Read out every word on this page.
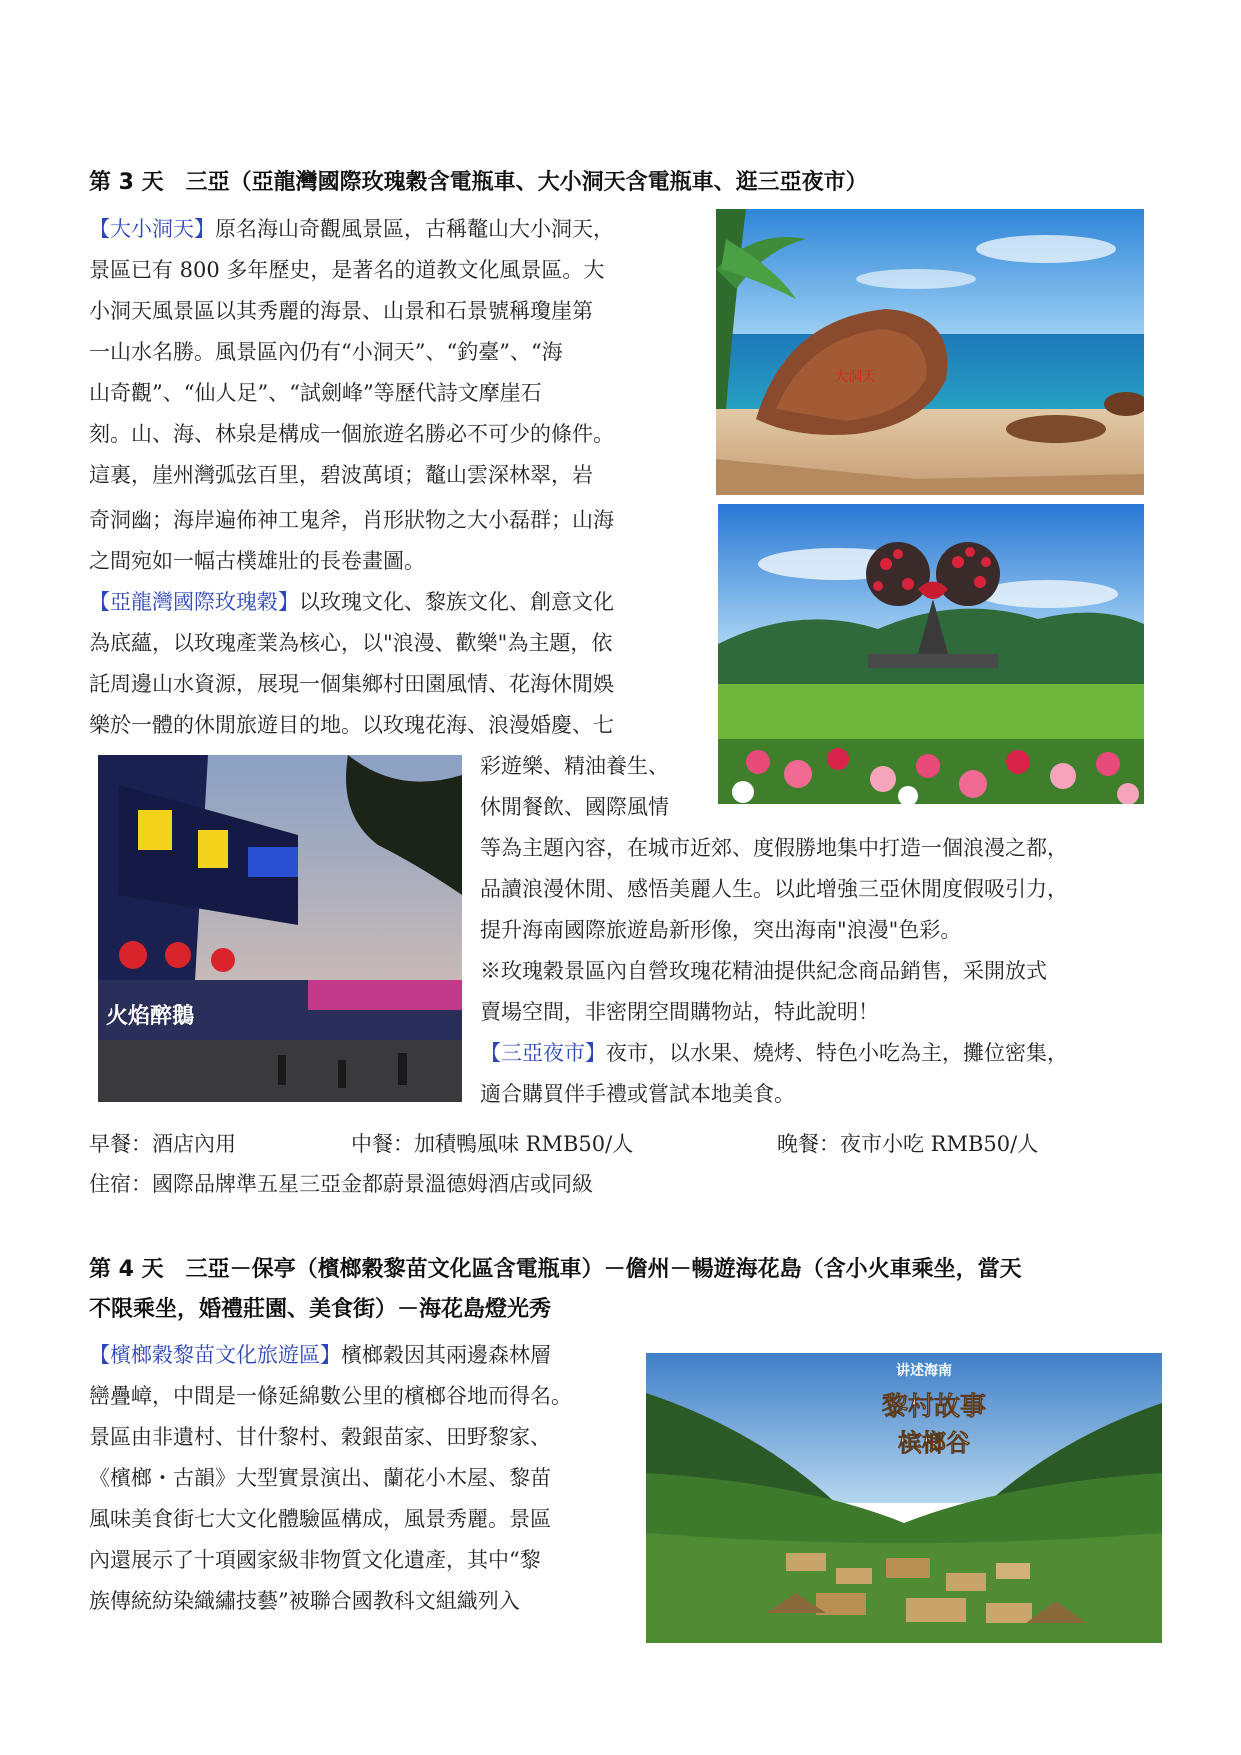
第 3 天　三亞（亞龍灣國際玫瑰穀含電瓶車、大小洞天含電瓶車、逛三亞夜市）
大洞天
【大小洞天】原名海山奇觀風景區，古稱鼇山大小洞天，
景區已有 800 多年歷史，是著名的道教文化風景區。大
小洞天風景區以其秀麗的海景、山景和石景號稱瓊崖第
一山水名勝。風景區內仍有“小洞天”、“釣臺”、“海
山奇觀”、“仙人足”、“試劍峰”等歷代詩文摩崖石
刻。山、海、林泉是構成一個旅遊名勝必不可少的條件。
這裏，崖州灣弧弦百里，碧波萬頃；鼇山雲深林翠，岩
奇洞幽；海岸遍佈神工鬼斧，肖形狀物之大小磊群；山海
之間宛如一幅古樸雄壯的長卷畫圖。
【亞龍灣國際玫瑰穀】以玫瑰文化、黎族文化、創意文化
為底蘊，以玫瑰產業為核心，以"浪漫、歡樂"為主題，依
託周邊山水資源，展現一個集鄉村田園風情、花海休閒娛
樂於一體的休閒旅遊目的地。以玫瑰花海、浪漫婚慶、七
彩遊樂、精油養生、
休閒餐飲、國際風情
等為主題內容，在城市近郊、度假勝地集中打造一個浪漫之都，
品讀浪漫休閒、感悟美麗人生。以此增強三亞休閒度假吸引力，
提升海南國際旅遊島新形像，突出海南"浪漫"色彩。
※玫瑰穀景區內自營玫瑰花精油提供紀念商品銷售，采開放式
賣場空間，非密閉空間購物站，特此說明！
【三亞夜市】夜市，以水果、燒烤、特色小吃為主，攤位密集，
適合購買伴手禮或嘗試本地美食。
火焰醉鵝
早餐：酒店內用	中餐：加積鴨風味 RMB50/人	晚餐：夜市小吃 RMB50/人
住宿：國際品牌準五星三亞金都蔚景溫德姆酒店或同級
第 4 天　三亞－保亭（檳榔穀黎苗文化區含電瓶車）－儋州－暢遊海花島（含小火車乘坐，當天
不限乘坐，婚禮莊園、美食街）－海花島燈光秀
【檳榔穀黎苗文化旅遊區】檳榔穀因其兩邊森林層
巒疊嶂，中間是一條延綿數公里的檳榔谷地而得名。
景區由非遺村、甘什黎村、穀銀苗家、田野黎家、
《檳榔・古韻》大型實景演出、蘭花小木屋、黎苗
風味美食街七大文化體驗區構成，風景秀麗。景區
內還展示了十項國家級非物質文化遺產，其中“黎
族傳統紡染織繡技藝”被聯合國教科文組織列入
讲述海南
黎村故事
槟榔谷
